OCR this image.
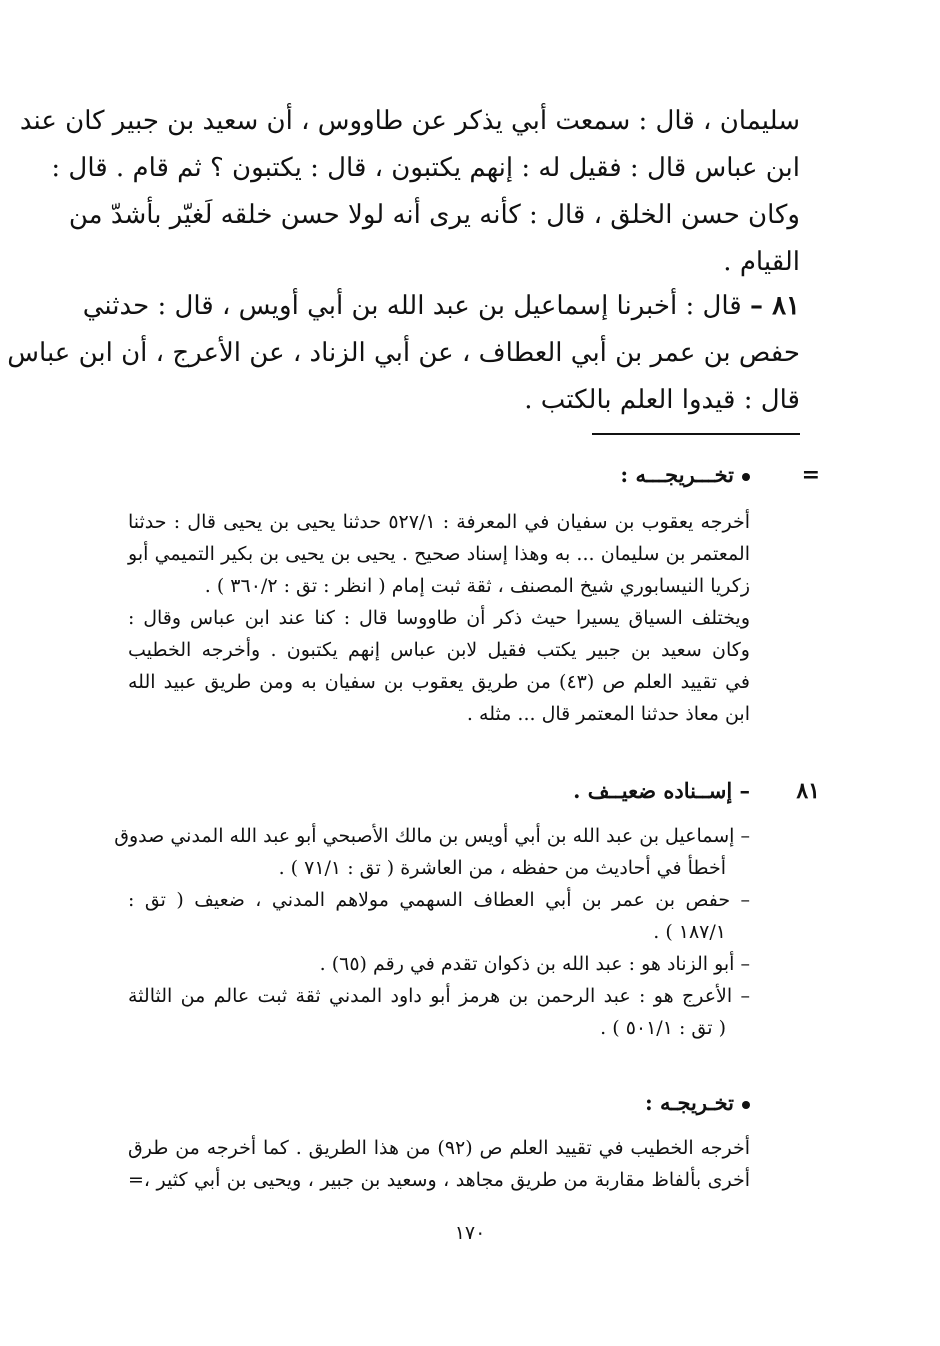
سليمان ، قال : سمعت أبي يذكر عن طاووس ، أن سعيد بن جبير كان عند
ابن عباس قال : فقيل له : إنهم يكتبون ، قال : يكتبون ؟ ثم قام . قال :
وكان حسن الخلق ، قال : كأنه يرى أنه لولا حسن خلقه لَغيّر بأشدّ من
القيام .
٨١ – قال : أخبرنا إسماعيل بن عبد الله بن أبي أويس ، قال : حدثني
حفص بن عمر بن أبي العطاف ، عن أبي الزناد ، عن الأعرج ، أن ابن عباس
قال : قيدوا العلم بالكتب .
=
تخـــريجـــه :
أخرجه يعقوب بن سفيان في المعرفة : ٥٢٧/١ حدثنا يحيى بن يحيى قال : حدثنا
المعتمر بن سليمان ... به وهذا إسناد صحيح . يحيى بن يحيى بن بكير التميمي أبو
زكريا النيسابوري شيخ المصنف ، ثقة ثبت إمام ( انظر : تق : ٣٦٠/٢ ) .
ويختلف السياق يسيرا حيث ذكر أن طاووسا قال : كنا عند ابن عباس وقال :
وكان سعيد بن جبير يكتب فقيل لابن عباس إنهم يكتبون . وأخرجه الخطيب
في تقييد العلم ص (٤٣) من طريق يعقوب بن سفيان به ومن طريق عبيد الله
ابن معاذ حدثنا المعتمر قال ... مثله .
٨١
– إســناده ضعيــف .
– إسماعيل بن عبد الله بن أبي أويس بن مالك الأصبحي أبو عبد الله المدني صدوق
أخطأ في أحاديث من حفظه ، من العاشرة ( تق : ٧١/١ ) .
– حفص بن عمر بن أبي العطاف السهمي مولاهم المدني ، ضعيف ( تق :
١٨٧/١ ) .
– أبو الزناد هو : عبد الله بن ذكوان تقدم في رقم (٦٥) .
– الأعرج هو : عبد الرحمن بن هرمز أبو داود المدني ثقة ثبت عالم من الثالثة
( تق : ٥٠١/١ ) .
تخـريجـه :
أخرجه الخطيب في تقييد العلم ص (٩٢) من هذا الطريق . كما أخرجه من طرق
أخرى بألفاظ مقاربة من طريق مجاهد ، وسعيد بن جبير ، ويحيى بن أبي كثير ،=
١٧٠
